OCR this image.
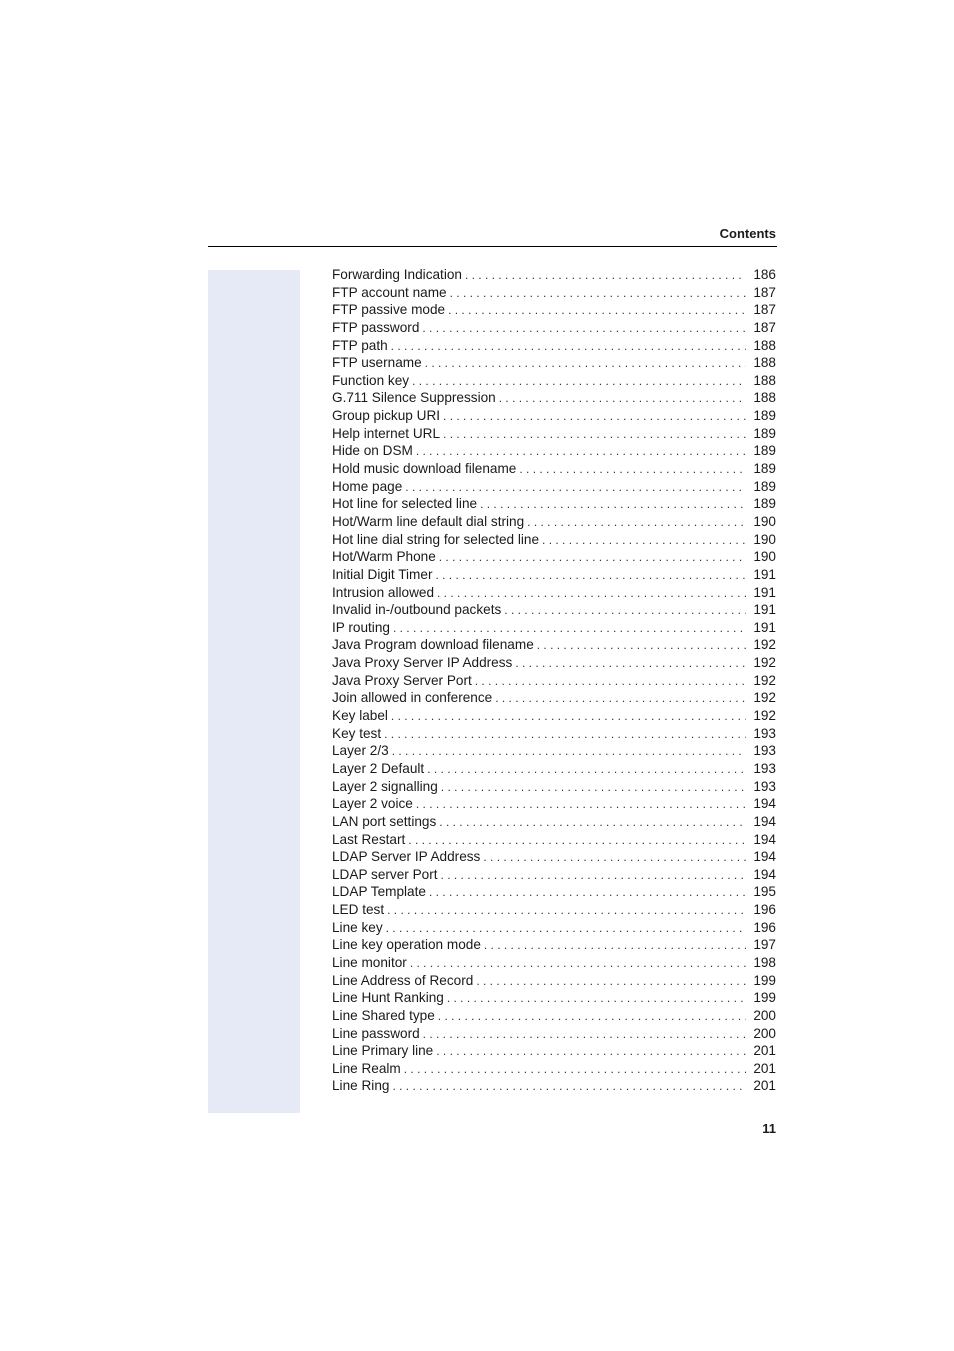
Contents
Forwarding Indication . . .	186
FTP account name . . .	187
FTP passive mode . . .	187
FTP password . . .	187
FTP path . . .	188
FTP username . . .	188
Function key . . .	188
G.711 Silence Suppression . . .	188
Group pickup URI . . .	189
Help internet URL . . .	189
Hide on DSM . . .	189
Hold music download filename . . .	189
Home page . . .	189
Hot line for selected line . . .	189
Hot/Warm line default dial string . . .	190
Hot line dial string for selected line . . .	190
Hot/Warm Phone . . .	190
Initial Digit Timer . . .	191
Intrusion allowed . . .	191
Invalid in-/outbound packets . . .	191
IP routing . . .	191
Java Program download filename . . .	192
Java Proxy Server IP Address . . .	192
Java Proxy Server Port . . .	192
Join allowed in conference . . .	192
Key label . . .	192
Key test . . .	193
Layer 2/3 . . .	193
Layer 2 Default . . .	193
Layer 2 signalling . . .	193
Layer 2 voice . . .	194
LAN port settings . . .	194
Last Restart . . .	194
LDAP Server IP Address . . .	194
LDAP server Port . . .	194
LDAP Template . . .	195
LED test . . .	196
Line key . . .	196
Line key operation mode . . .	197
Line monitor . . .	198
Line Address of Record . . .	199
Line Hunt Ranking . . .	199
Line Shared type . . .	200
Line password . . .	200
Line Primary line . . .	201
Line Realm . . .	201
Line Ring . . .	201
11
